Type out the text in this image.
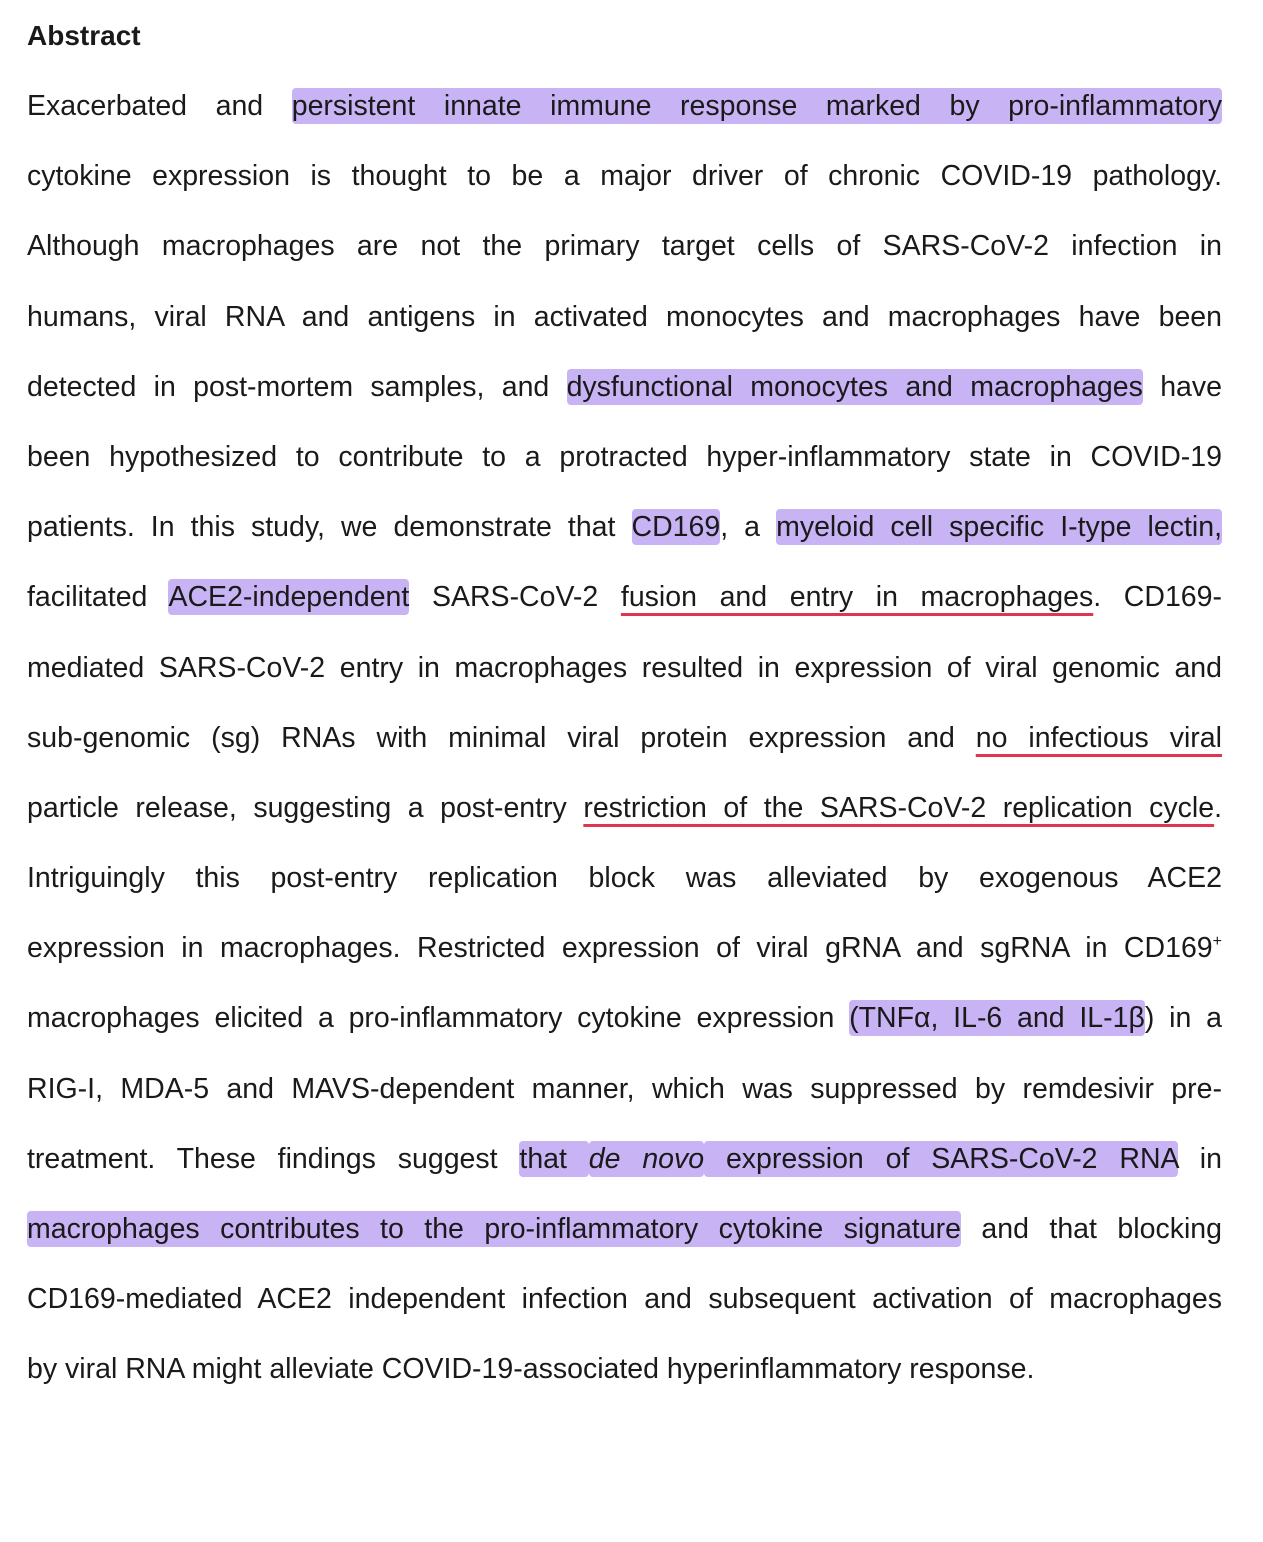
Abstract
Exacerbated and persistent innate immune response marked by pro-inflammatory
cytokine expression is thought to be a major driver of chronic COVID-19 pathology.
Although macrophages are not the primary target cells of SARS-CoV-2 infection in
humans, viral RNA and antigens in activated monocytes and macrophages have been
detected in post-mortem samples, and dysfunctional monocytes and macrophages have
been hypothesized to contribute to a protracted hyper-inflammatory state in COVID-19
patients. In this study, we demonstrate that CD169, a myeloid cell specific I-type lectin,
facilitated ACE2-independent SARS-CoV-2 fusion and entry in macrophages. CD169-
mediated SARS-CoV-2 entry in macrophages resulted in expression of viral genomic and
sub-genomic (sg) RNAs with minimal viral protein expression and no infectious viral
particle release, suggesting a post-entry restriction of the SARS-CoV-2 replication cycle.
Intriguingly this post-entry replication block was alleviated by exogenous ACE2
expression in macrophages. Restricted expression of viral gRNA and sgRNA in CD169+
macrophages elicited a pro-inflammatory cytokine expression (TNFα, IL-6 and IL-1β) in a
RIG-I, MDA-5 and MAVS-dependent manner, which was suppressed by remdesivir pre-
treatment. These findings suggest that de novo expression of SARS-CoV-2 RNA in
macrophages contributes to the pro-inflammatory cytokine signature and that blocking
CD169-mediated ACE2 independent infection and subsequent activation of macrophages
by viral RNA might alleviate COVID-19-associated hyperinflammatory response.
